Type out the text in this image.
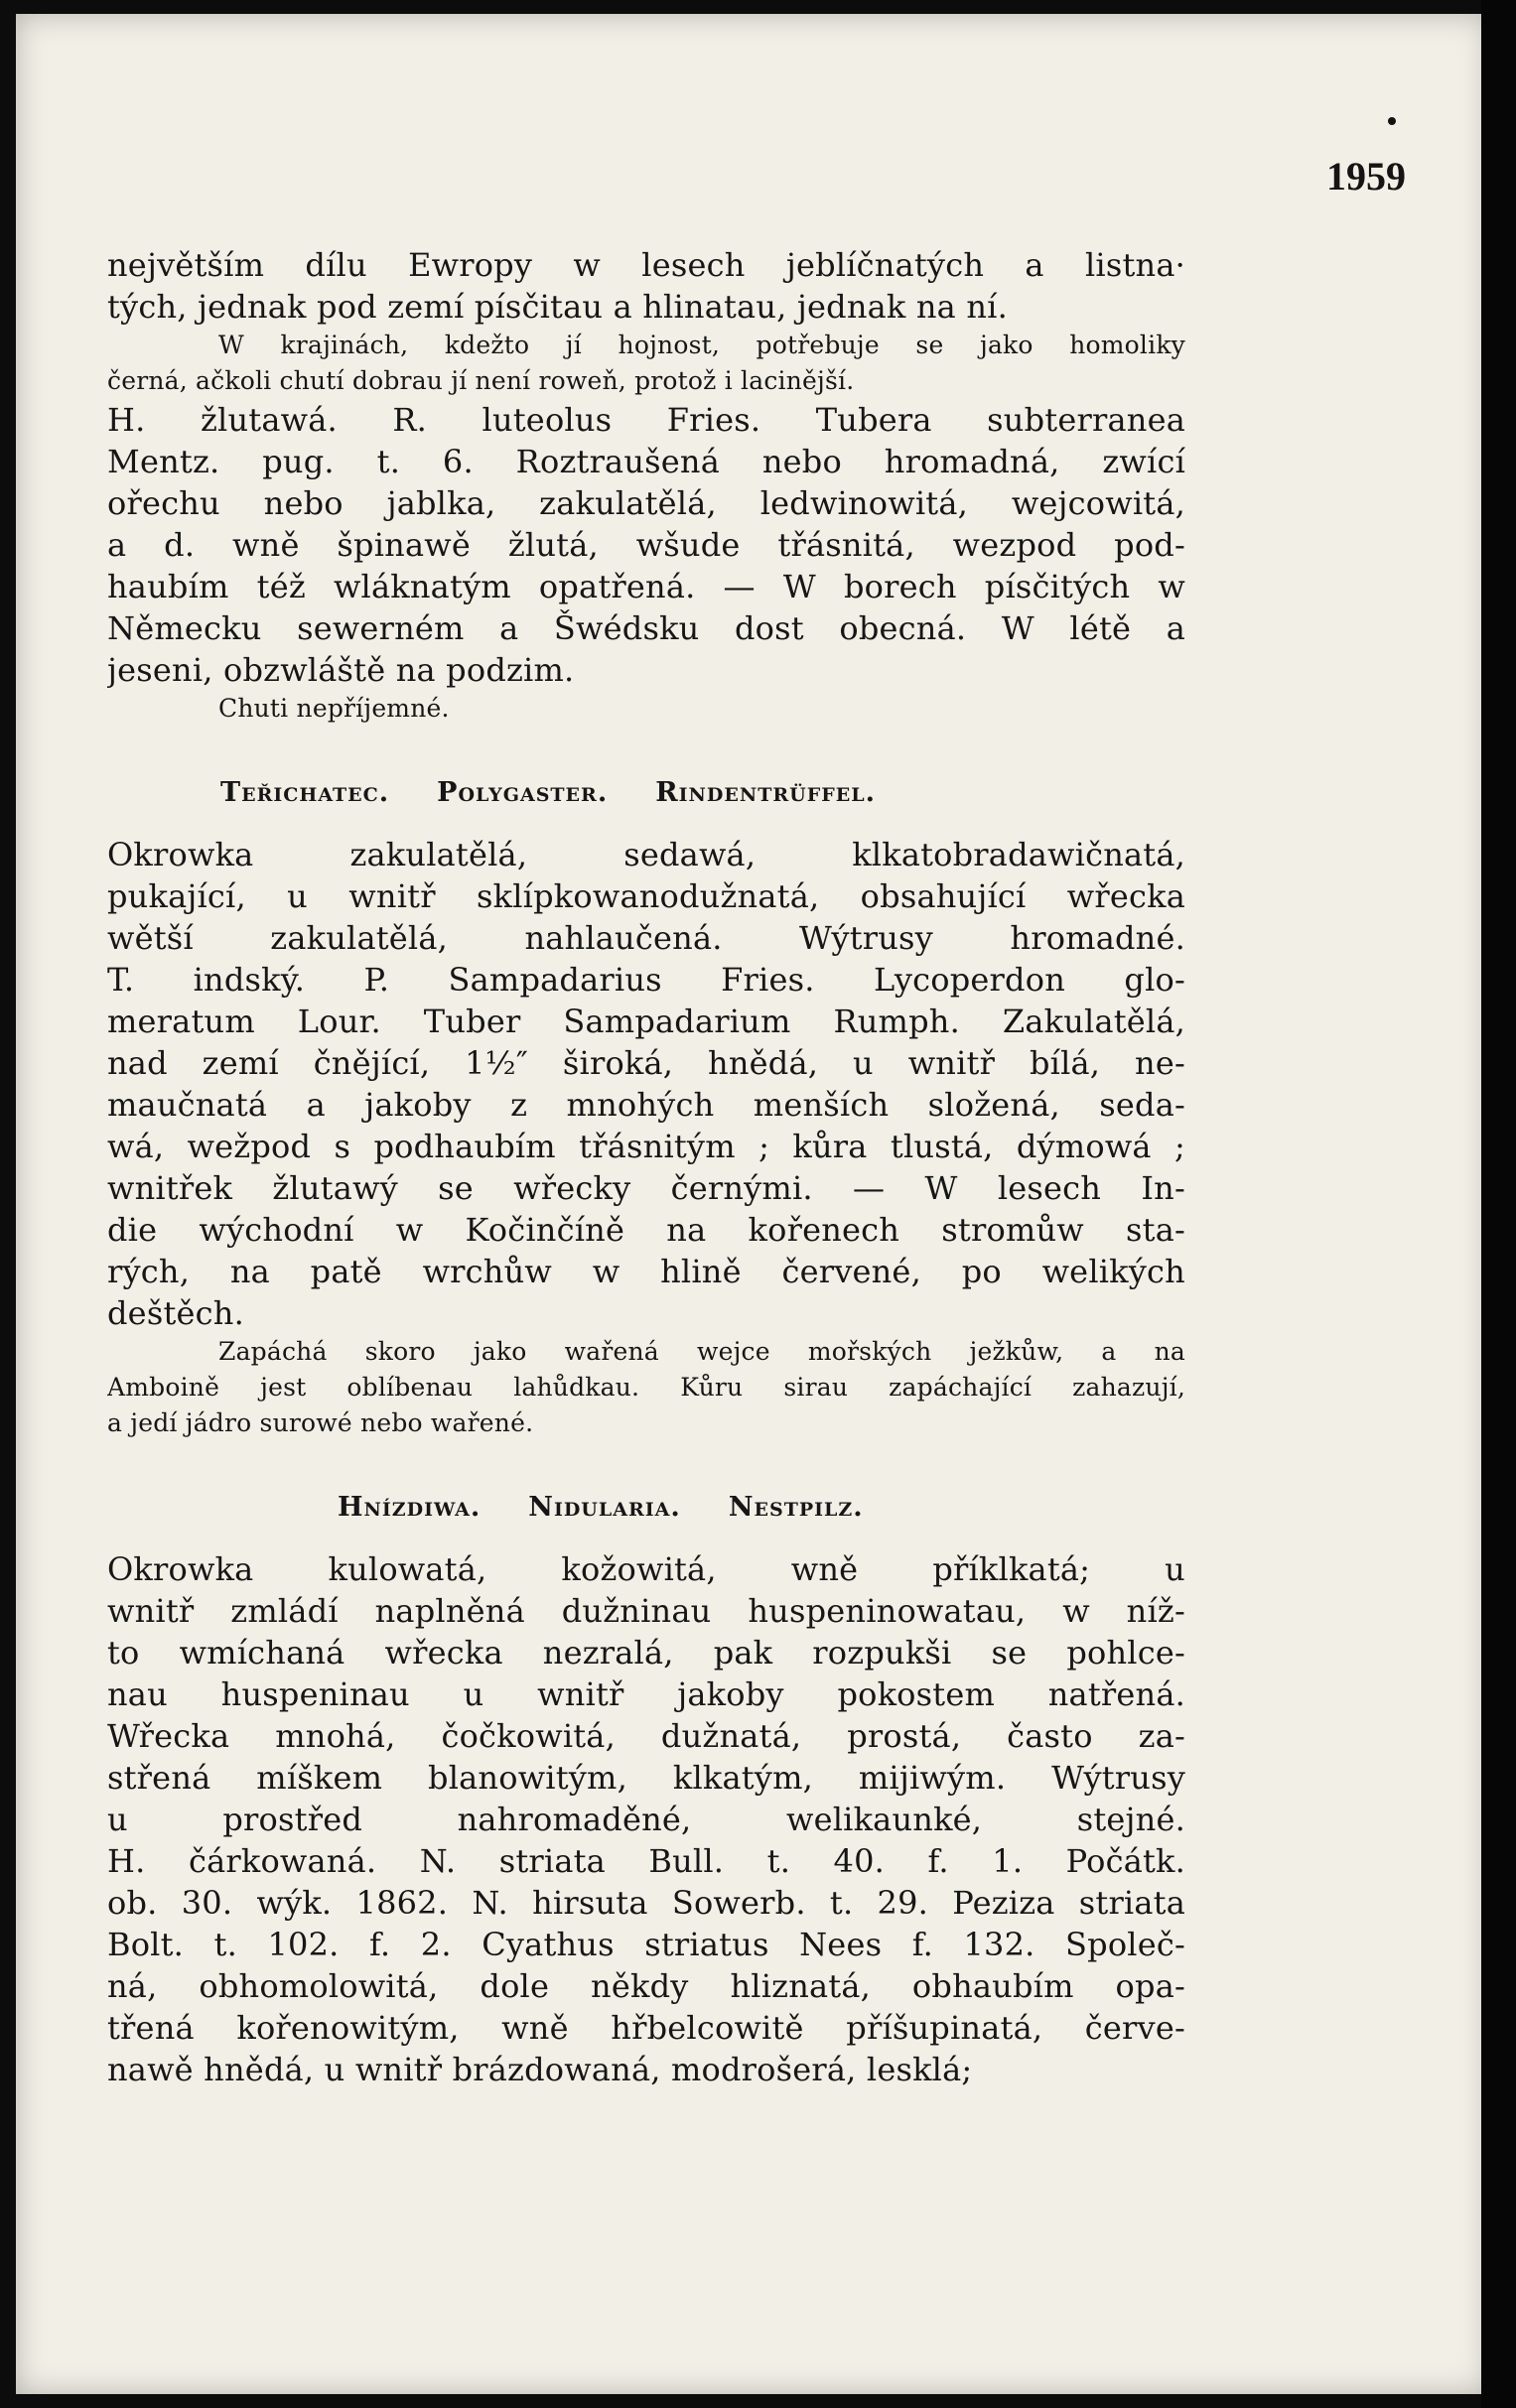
1959
největším dílu Ewropy w lesech jeblíčnatých a listna·
tých, jednak pod zemí písčitau a hlinatau, jednak na ní.
W krajinách, kdežto jí hojnost, potřebuje se jako homoliky
černá, ačkoli chutí dobrau jí není roweň, protož i lacinější.
H. žlutawá. R. luteolus Fries. Tubera subterranea
Mentz. pug. t. 6. Roztraušená nebo hromadná, zwící
ořechu nebo jablka, zakulatělá, ledwinowitá, wejcowitá,
a d. wně špinawě žlutá, wšude třásnitá, wezpod pod-
haubím též wláknatým opatřená. — W borech písčitých w
Německu sewerném a Šwédsku dost obecná. W létě a
jeseni, obzwláště na podzim.
Chuti nepříjemné.
Teřichatec. Polygaster. Rindentrüffel.
Okrowka zakulatělá, sedawá, klkatobradawičnatá,
pukající, u wnitř sklípkowanodužnatá, obsahující wřecka
wětší zakulatělá, nahlaučená. Wýtrusy hromadné.
T. indský. P. Sampadarius Fries. Lycoperdon glo-
meratum Lour. Tuber Sampadarium Rumph. Zakulatělá,
nad zemí čnějící, 1½″ široká, hnědá, u wnitř bílá, ne-
maučnatá a jakoby z mnohých menších složená, seda-
wá, wežpod s podhaubím třásnitým ; kůra tlustá, dýmowá ;
wnitřek žlutawý se wřecky černými. — W lesech In-
die wýchodní w Kočinčíně na kořenech stromůw sta-
rých, na patě wrchůw w hlině červené, po welikých
deštěch.
Zapáchá skoro jako wařená wejce mořských ježkůw, a na
Amboině jest oblíbenau lahůdkau. Kůru sirau zapáchající zahazují,
a jedí jádro surowé nebo wařené.
Hnízdiwa. Nidularia. Nestpilz.
Okrowka kulowatá, kožowitá, wně příklkatá; u
wnitř zmládí naplněná dužninau huspeninowatau, w níž-
to wmíchaná wřecka nezralá, pak rozpukši se pohlce-
nau huspeninau u wnitř jakoby pokostem natřená.
Wřecka mnohá, čočkowitá, dužnatá, prostá, často za-
střená míškem blanowitým, klkatým, mijiwým. Wýtrusy
u prostřed nahromaděné, welikaunké, stejné.
H. čárkowaná. N. striata Bull. t. 40. f. 1. Počátk.
ob. 30. wýk. 1862. N. hirsuta Sowerb. t. 29. Peziza striata
Bolt. t. 102. f. 2. Cyathus striatus Nees f. 132. Společ-
ná, obhomolowitá, dole někdy hliznatá, obhaubím opa-
třená kořenowitým, wně hřbelcowitě příšupinatá, červe-
nawě hnědá, u wnitř brázdowaná, modrošerá, lesklá;
